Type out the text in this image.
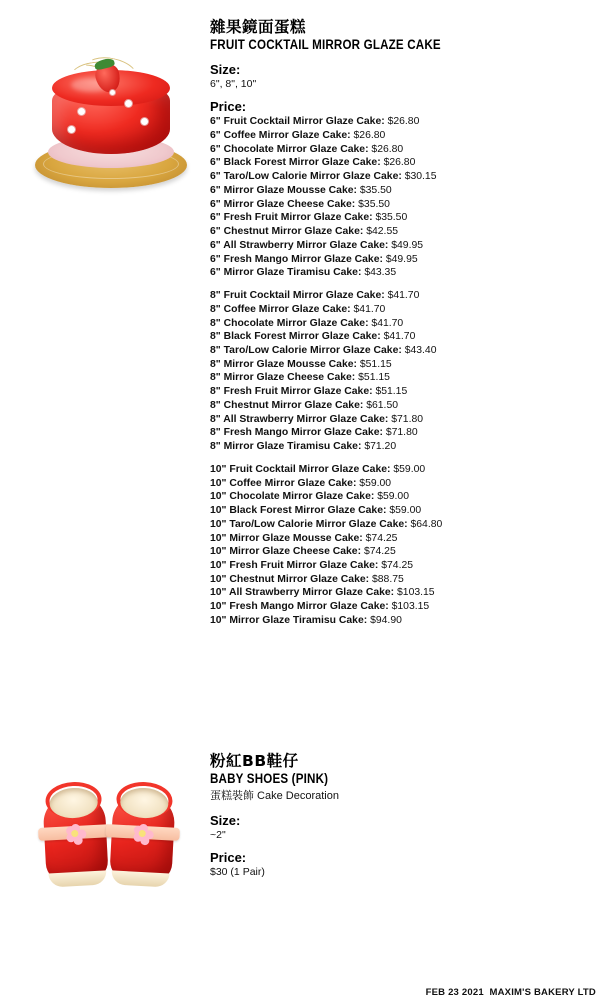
雜果鏡面蛋糕
FRUIT COCKTAIL MIRROR GLAZE CAKE
Size:
6", 8", 10"
Price:
6" Fruit Cocktail Mirror Glaze Cake: $26.80
6" Coffee Mirror Glaze Cake: $26.80
6" Chocolate Mirror Glaze Cake: $26.80
6" Black Forest Mirror Glaze Cake: $26.80
6" Taro/Low Calorie Mirror Glaze Cake: $30.15
6" Mirror Glaze Mousse Cake: $35.50
6" Mirror Glaze Cheese Cake: $35.50
6" Fresh Fruit Mirror Glaze Cake: $35.50
6" Chestnut Mirror Glaze Cake: $42.55
6" All Strawberry Mirror Glaze Cake: $49.95
6" Fresh Mango Mirror Glaze Cake: $49.95
6" Mirror Glaze Tiramisu Cake: $43.35

8" Fruit Cocktail Mirror Glaze Cake: $41.70
8" Coffee Mirror Glaze Cake: $41.70
8" Chocolate Mirror Glaze Cake: $41.70
8" Black Forest Mirror Glaze Cake: $41.70
8" Taro/Low Calorie Mirror Glaze Cake: $43.40
8" Mirror Glaze Mousse Cake: $51.15
8" Mirror Glaze Cheese Cake: $51.15
8" Fresh Fruit Mirror Glaze Cake: $51.15
8" Chestnut Mirror Glaze Cake: $61.50
8" All Strawberry Mirror Glaze Cake: $71.80
8" Fresh Mango Mirror Glaze Cake: $71.80
8" Mirror Glaze Tiramisu Cake: $71.20

10" Fruit Cocktail Mirror Glaze Cake: $59.00
10" Coffee Mirror Glaze Cake: $59.00
10" Chocolate Mirror Glaze Cake: $59.00
10" Black Forest Mirror Glaze Cake: $59.00
10" Taro/Low Calorie Mirror Glaze Cake: $64.80
10" Mirror Glaze Mousse Cake: $74.25
10" Mirror Glaze Cheese Cake: $74.25
10" Fresh Fruit Mirror Glaze Cake: $74.25
10" Chestnut Mirror Glaze Cake: $88.75
10" All Strawberry Mirror Glaze Cake: $103.15
10" Fresh Mango Mirror Glaze Cake: $103.15
10" Mirror Glaze Tiramisu Cake: $94.90
粉紅BB鞋仔
BABY SHOES (PINK)
蛋糕裝飾 Cake Decoration
Size:
~2"
Price:
$30 (1 Pair)
FEB 23 2021 MAXIM'S BAKERY LTD
